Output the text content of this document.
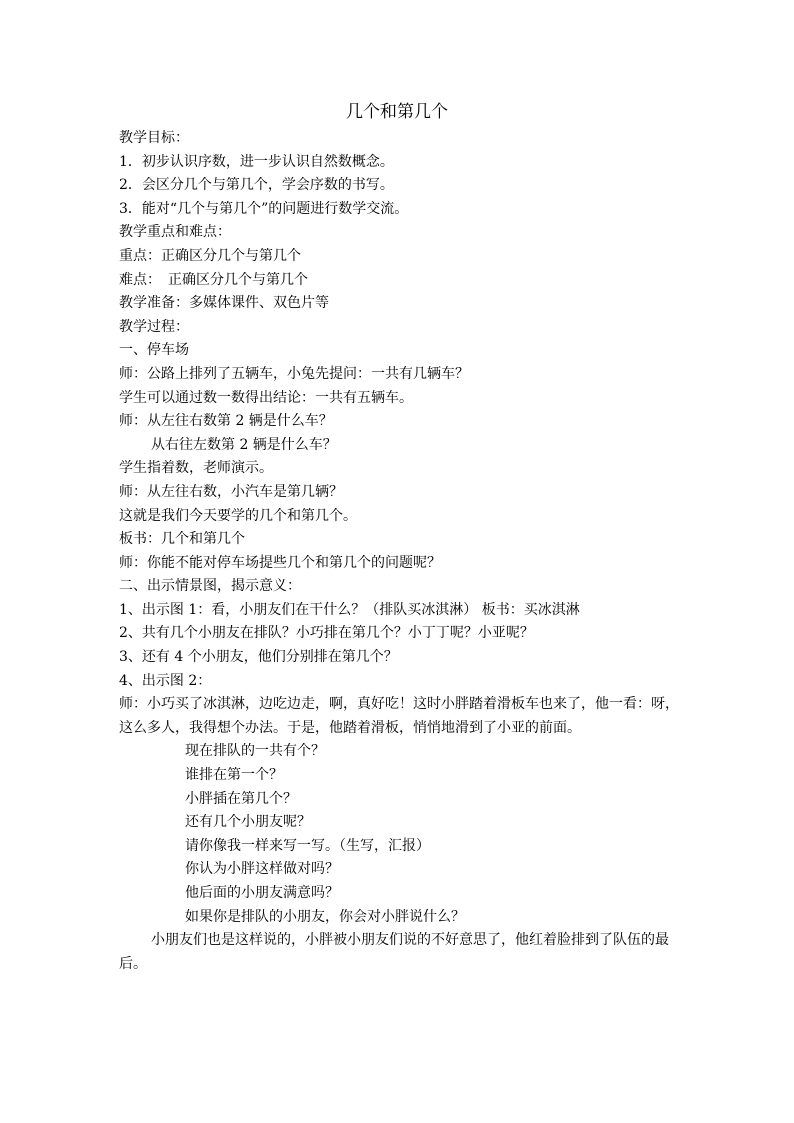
几个和第几个
教学目标：
1．初步认识序数，进一步认识自然数概念。
2．会区分几个与第几个，学会序数的书写。
3．能对“几个与第几个”的问题进行数学交流。
教学重点和难点：
重点：正确区分几个与第几个
难点：　正确区分几个与第几个
教学准备：多媒体课件、双色片等
教学过程：
一、停车场
师：公路上排列了五辆车，小兔先提问：一共有几辆车？
学生可以通过数一数得出结论：一共有五辆车。
师：从左往右数第 2 辆是什么车？
从右往左数第 2 辆是什么车？
学生指着数，老师演示。
师：从左往右数，小汽车是第几辆？
这就是我们今天要学的几个和第几个。
板书：几个和第几个
师：你能不能对停车场提些几个和第几个的问题呢？
二、出示情景图，揭示意义：
1、出示图 1：看，小朋友们在干什么？（排队买冰淇淋） 板书：买冰淇淋
2、共有几个小朋友在排队？小巧排在第几个？小丁丁呢？小亚呢？
3、还有 4 个小朋友，他们分别排在第几个？
4、出示图 2：
师：小巧买了冰淇淋，边吃边走，啊，真好吃！这时小胖踏着滑板车也来了，他一看：呀，这么多人，我得想个办法。于是，他踏着滑板，悄悄地滑到了小亚的前面。
现在排队的一共有个？
谁排在第一个？
小胖插在第几个？
还有几个小朋友呢？
请你像我一样来写一写。（生写，汇报）
你认为小胖这样做对吗？
他后面的小朋友满意吗？
如果你是排队的小朋友，你会对小胖说什么？
小朋友们也是这样说的，小胖被小朋友们说的不好意思了，他红着脸排到了队伍的最后。
